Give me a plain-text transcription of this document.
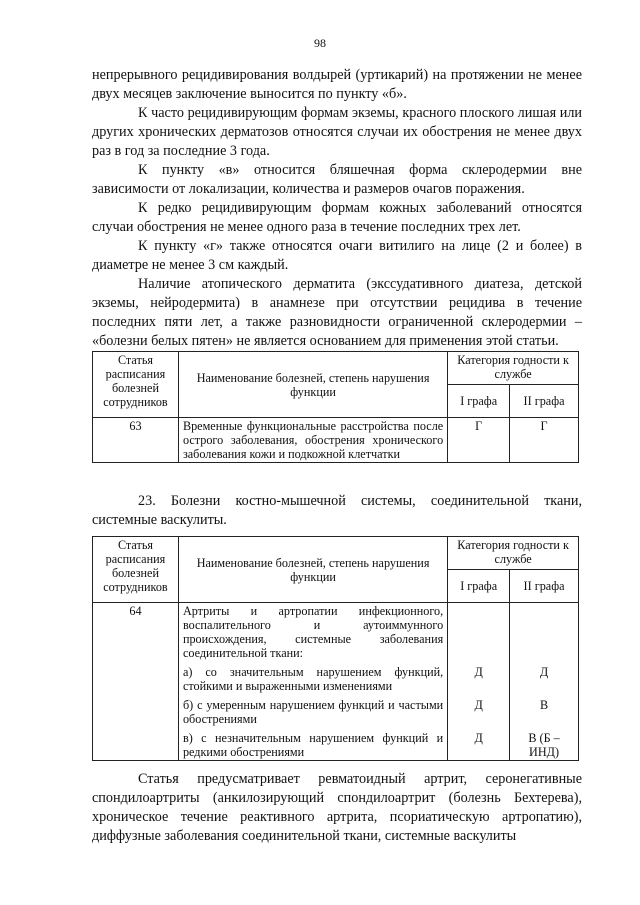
98

непрерывного рецидивирования волдырей (уртикарий) на протяжении не менее двух месяцев заключение выносится по пункту «б».

К часто рецидивирующим формам экземы, красного плоского лишая или других хронических дерматозов относятся случаи их обострения не менее двух раз в год за последние 3 года.

К пункту «в» относится бляшечная форма склеродермии вне зависимости от локализации, количества и размеров очагов поражения.

К редко рецидивирующим формам кожных заболеваний относятся случаи обострения не менее одного раза в течение последних трех лет.

К пункту «г» также относятся очаги витилиго на лице (2 и более) в диаметре не менее 3 см каждый.

Наличие атопического дерматита (экссудативного диатеза, детской экземы, нейродермита) в анамнезе при отсутствии рецидива в течение последних пяти лет, а также разновидности ограниченной склеродермии – «болезни белых пятен» не является основанием для применения этой статьи.

Статья расписания болезней сотрудников	Наименование болезней, степень нарушения функции	Категория годности к службе	
		I графа	II графа
63	Временные функциональные расстройства после острого заболевания, обострения хронического заболевания кожи и подкожной клетчатки	Г	Г

23. Болезни костно-мышечной системы, соединительной ткани, системные васкулиты.

Статья расписания болезней сотрудников	Наименование болезней, степень нарушения функции	Категория годности к службе	
		I графа	II графа
64	Артриты и артропатии инфекционного, воспалительного и аутоиммунного происхождения, системные заболевания соединительной ткани:		
	а) со значительным нарушением функций, стойкими и выраженными изменениями	Д	Д
	б) с умеренным нарушением функций и частыми обострениями	Д	В
	в) с незначительным нарушением функций и редкими обострениями	Д	В (Б – ИНД)

Статья предусматривает ревматоидный артрит, серонегативные спондилоартриты (анкилозирующий спондилоартрит (болезнь Бехтерева), хроническое течение реактивного артрита, псориатическую артропатию), диффузные заболевания соединительной ткани, системные васкулиты
